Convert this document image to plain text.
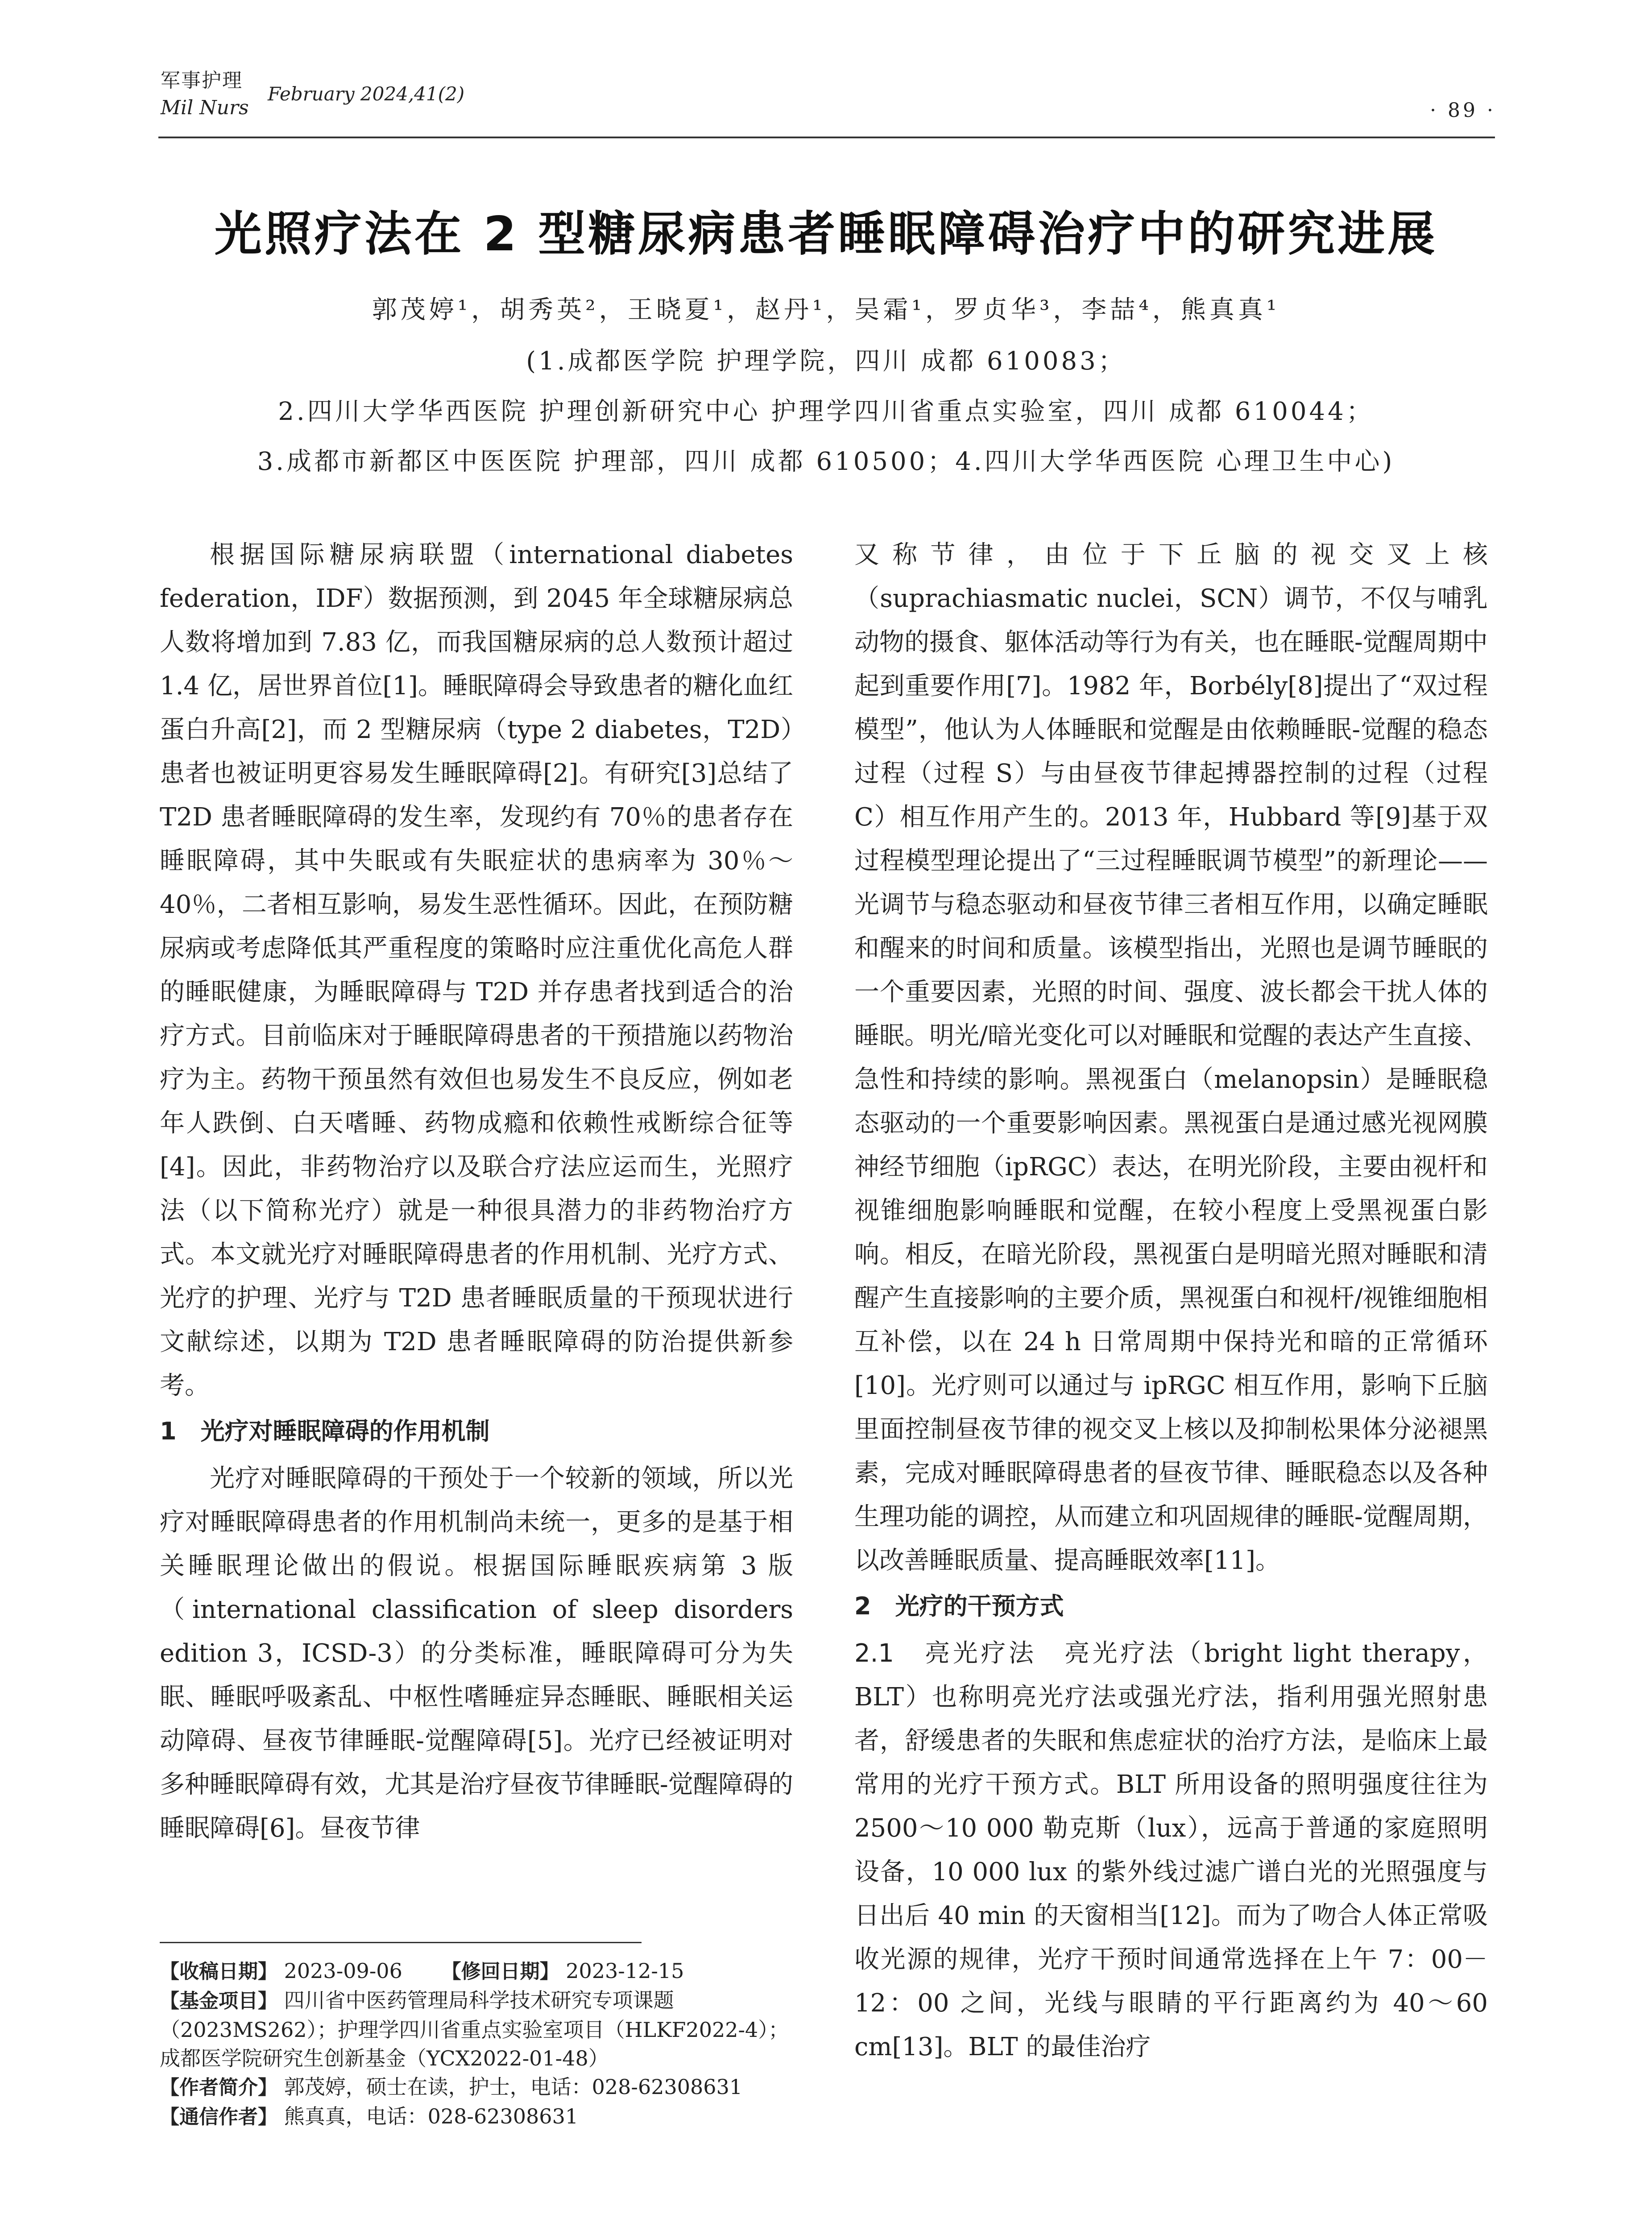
军事护理
Mil Nurs
February 2024,41(2)
· 89 ·
光照疗法在 2 型糖尿病患者睡眠障碍治疗中的研究进展
郭茂婷¹，胡秀英²，王晓夏¹，赵丹¹，吴霜¹，罗贞华³，李喆⁴，熊真真¹
(1.成都医学院 护理学院，四川 成都 610083；
2.四川大学华西医院 护理创新研究中心 护理学四川省重点实验室，四川 成都 610044；
3.成都市新都区中医医院 护理部，四川 成都 610500；4.四川大学华西医院 心理卫生中心)

根据国际糖尿病联盟（international diabetes federation，IDF）数据预测，到 2045 年全球糖尿病总人数将增加到 7.83 亿，而我国糖尿病的总人数预计超过 1.4 亿，居世界首位[1]。睡眠障碍会导致患者的糖化血红蛋白升高[2]，而 2 型糖尿病（type 2 diabetes，T2D）患者也被证明更容易发生睡眠障碍[2]。有研究[3]总结了 T2D 患者睡眠障碍的发生率，发现约有 70％的患者存在睡眠障碍，其中失眠或有失眠症状的患病率为 30％～40％，二者相互影响，易发生恶性循环。因此，在预防糖尿病或考虑降低其严重程度的策略时应注重优化高危人群的睡眠健康，为睡眠障碍与 T2D 并存患者找到适合的治疗方式。目前临床对于睡眠障碍患者的干预措施以药物治疗为主。药物干预虽然有效但也易发生不良反应，例如老年人跌倒、白天嗜睡、药物成瘾和依赖性戒断综合征等[4]。因此，非药物治疗以及联合疗法应运而生，光照疗法（以下简称光疗）就是一种很具潜力的非药物治疗方式。本文就光疗对睡眠障碍患者的作用机制、光疗方式、光疗的护理、光疗与 T2D 患者睡眠质量的干预现状进行文献综述，以期为 T2D 患者睡眠障碍的防治提供新参考。

1　光疗对睡眠障碍的作用机制

光疗对睡眠障碍的干预处于一个较新的领域，所以光疗对睡眠障碍患者的作用机制尚未统一，更多的是基于相关睡眠理论做出的假说。根据国际睡眠疾病第 3 版（international classification of sleep disorders edition 3，ICSD-3）的分类标准，睡眠障碍可分为失眠、睡眠呼吸紊乱、中枢性嗜睡症异态睡眠、睡眠相关运动障碍、昼夜节律睡眠-觉醒障碍[5]。光疗已经被证明对多种睡眠障碍有效，尤其是治疗昼夜节律睡眠-觉醒障碍的睡眠障碍[6]。昼夜节律

又称节律，由位于下丘脑的视交叉上核（suprachiasmatic nuclei，SCN）调节，不仅与哺乳动物的摄食、躯体活动等行为有关，也在睡眠-觉醒周期中起到重要作用[7]。1982 年，Borbély[8]提出了“双过程模型”，他认为人体睡眠和觉醒是由依赖睡眠-觉醒的稳态过程（过程 S）与由昼夜节律起搏器控制的过程（过程 C）相互作用产生的。2013 年，Hubbard 等[9]基于双过程模型理论提出了“三过程睡眠调节模型”的新理论——光调节与稳态驱动和昼夜节律三者相互作用，以确定睡眠和醒来的时间和质量。该模型指出，光照也是调节睡眠的一个重要因素，光照的时间、强度、波长都会干扰人体的睡眠。明光/暗光变化可以对睡眠和觉醒的表达产生直接、急性和持续的影响。黑视蛋白（melanopsin）是睡眠稳态驱动的一个重要影响因素。黑视蛋白是通过感光视网膜神经节细胞（ipRGC）表达，在明光阶段，主要由视杆和视锥细胞影响睡眠和觉醒，在较小程度上受黑视蛋白影响。相反，在暗光阶段，黑视蛋白是明暗光照对睡眠和清醒产生直接影响的主要介质，黑视蛋白和视杆/视锥细胞相互补偿，以在 24 h 日常周期中保持光和暗的正常循环[10]。光疗则可以通过与 ipRGC 相互作用，影响下丘脑里面控制昼夜节律的视交叉上核以及抑制松果体分泌褪黑素，完成对睡眠障碍患者的昼夜节律、睡眠稳态以及各种生理功能的调控，从而建立和巩固规律的睡眠-觉醒周期，以改善睡眠质量、提高睡眠效率[11]。

2　光疗的干预方式

2.1　亮光疗法　 亮光疗法（bright light therapy，BLT）也称明亮光疗法或强光疗法，指利用强光照射患者，舒缓患者的失眠和焦虑症状的治疗方法，是临床上最常用的光疗干预方式。BLT 所用设备的照明强度往往为 2500～10 000 勒克斯（lux），远高于普通的家庭照明设备，10 000 lux 的紫外线过滤广谱白光的光照强度与日出后 40 min 的天窗相当[12]。而为了吻合人体正常吸收光源的规律，光疗干预时间通常选择在上午 7：00－12：00 之间，光线与眼睛的平行距离约为 40～60 cm[13]。BLT 的最佳治疗

【收稿日期】 2023-09-06 【修回日期】 2023-12-15
【基金项目】 四川省中医药管理局科学技术研究专项课题（2023MS262）；护理学四川省重点实验室项目（HLKF2022-4）；成都医学院研究生创新基金（YCX2022-01-48）
【作者简介】 郭茂婷，硕士在读，护士，电话：028-62308631
【通信作者】 熊真真，电话：028-62308631
